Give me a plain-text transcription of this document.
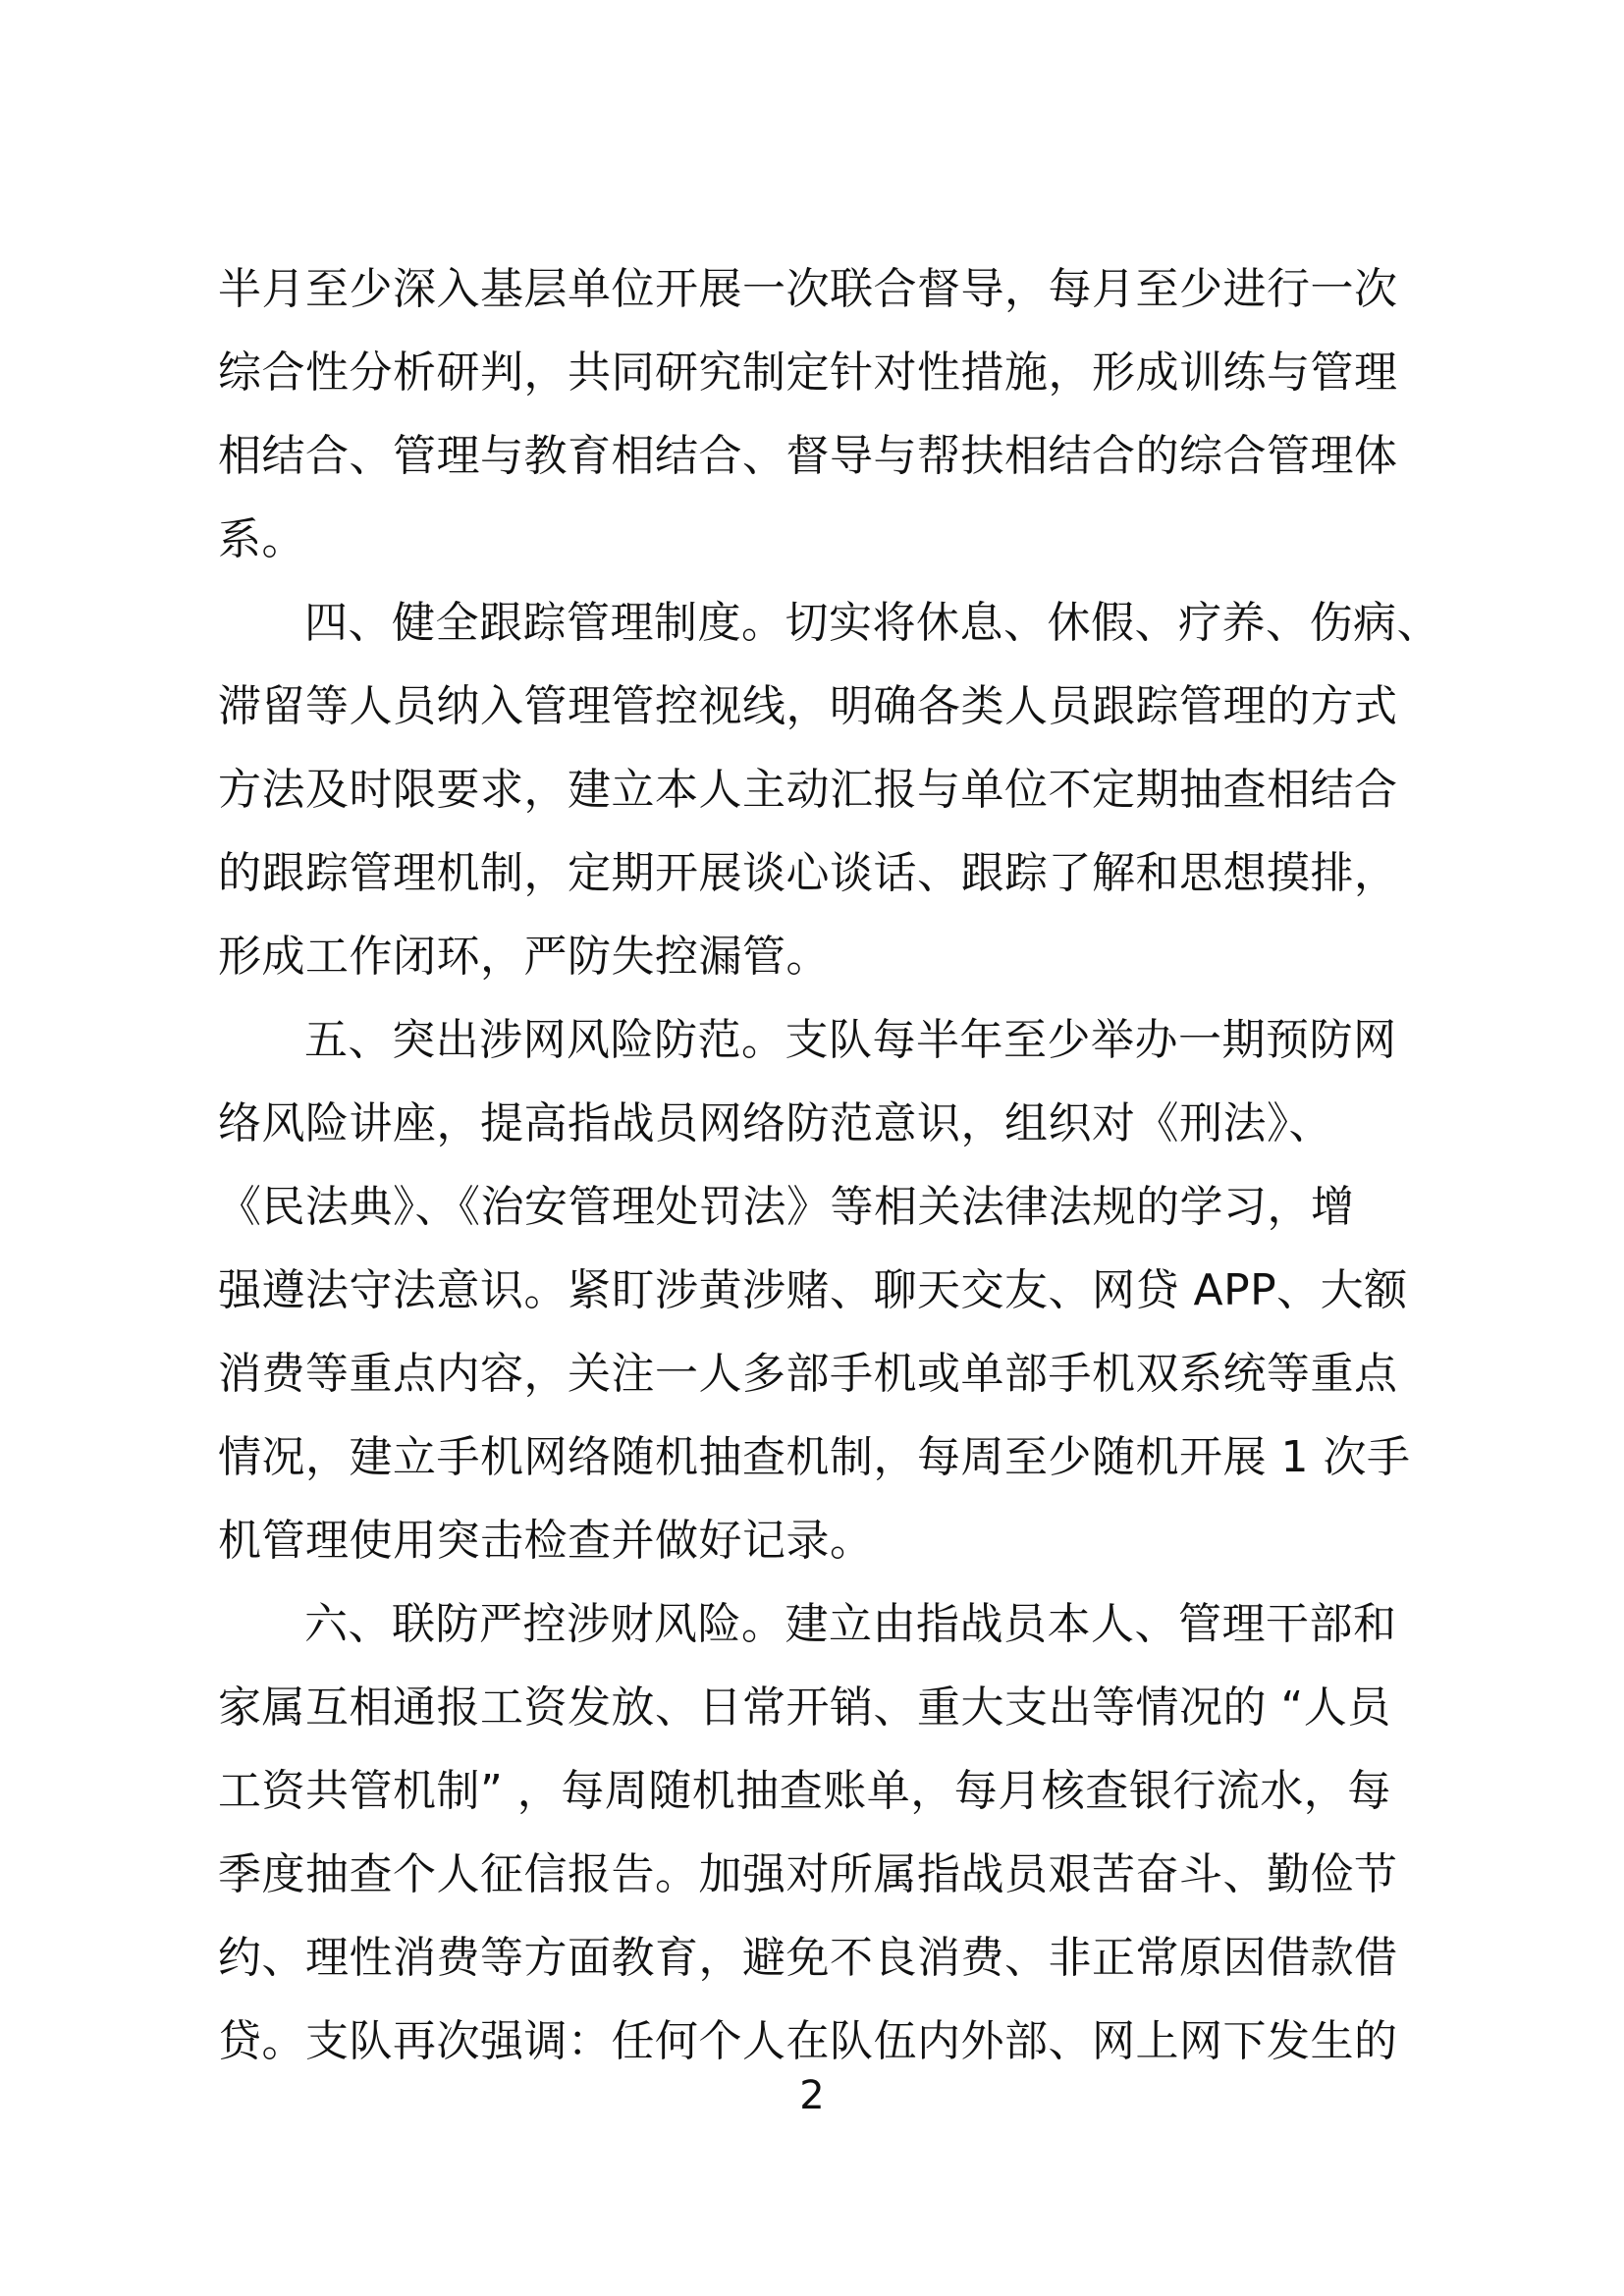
半月至少深入基层单位开展一次联合督导，每月至少进行一次
综合性分析研判，共同研究制定针对性措施，形成训练与管理
相结合、管理与教育相结合、督导与帮扶相结合的综合管理体
系。
四、健全跟踪管理制度。切实将休息、休假、疗养、伤病、
滞留等人员纳入管理管控视线，明确各类人员跟踪管理的方式
方法及时限要求，建立本人主动汇报与单位不定期抽查相结合
的跟踪管理机制，定期开展谈心谈话、跟踪了解和思想摸排，
形成工作闭环，严防失控漏管。
五、突出涉网风险防范。支队每半年至少举办一期预防网
络风险讲座，提高指战员网络防范意识，组织对《刑法》、
《民法典》、《治安管理处罚法》等相关法律法规的学习，增
强遵法守法意识。紧盯涉黄涉赌、聊天交友、网贷 APP、大额
消费等重点内容，关注一人多部手机或单部手机双系统等重点
情况，建立手机网络随机抽查机制，每周至少随机开展 1 次手
机管理使用突击检查并做好记录。
六、联防严控涉财风险。建立由指战员本人、管理干部和
家属互相通报工资发放、日常开销、重大支出等情况的 “人员
工资共管机制” ，每周随机抽查账单，每月核查银行流水，每
季度抽查个人征信报告。加强对所属指战员艰苦奋斗、勤俭节
约、理性消费等方面教育，避免不良消费、非正常原因借款借
贷。支队再次强调：任何个人在队伍内外部、网上网下发生的
2
